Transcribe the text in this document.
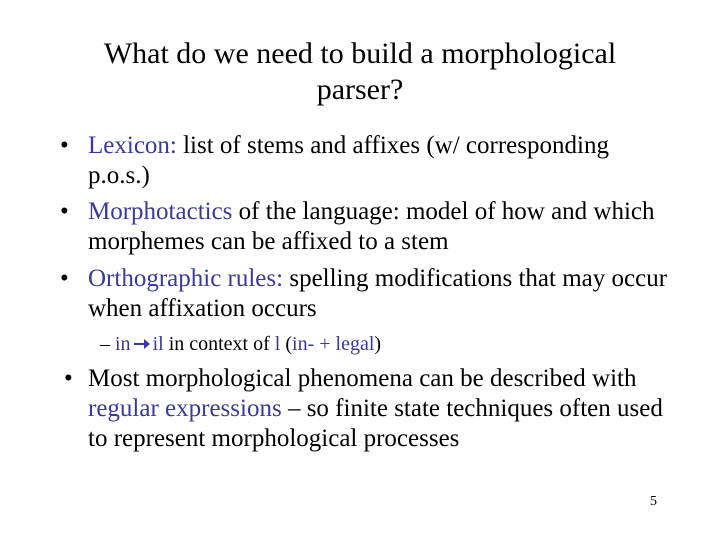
What do we need to build a morphological parser?
• Lexicon: list of stems and affixes (w/ corresponding p.o.s.)
• Morphotactics of the language: model of how and which morphemes can be affixed to a stem
• Orthographic rules: spelling modifications that may occur when affixation occurs
– in il in context of l (in- + legal)
• Most morphological phenomena can be described with regular expressions – so finite state techniques often used to represent morphological processes
5
